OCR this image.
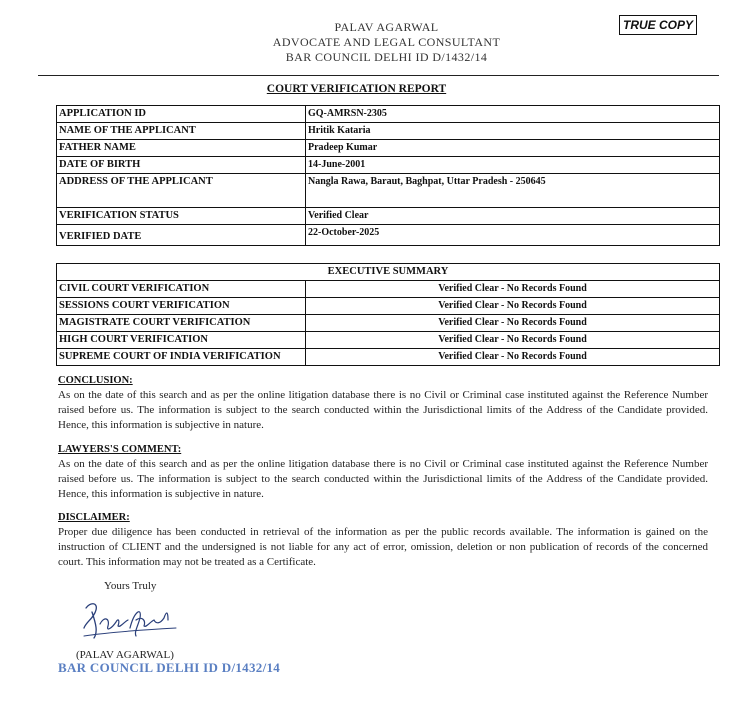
PALAV AGARWAL
ADVOCATE AND LEGAL CONSULTANT
BAR COUNCIL DELHI ID D/1432/14
TRUE COPY
COURT VERIFICATION REPORT
APPLICATION ID	GQ-AMRSN-2305
NAME OF THE APPLICANT	Hritik Kataria
FATHER NAME	Pradeep Kumar
DATE OF BIRTH	14-June-2001
ADDRESS OF THE APPLICANT	Nangla Rawa, Baraut, Baghpat, Uttar Pradesh - 250645
VERIFICATION STATUS	Verified Clear
VERIFIED DATE	22-October-2025
EXECUTIVE SUMMARY	
CIVIL COURT VERIFICATION	Verified Clear - No Records Found
SESSIONS COURT VERIFICATION	Verified Clear - No Records Found
MAGISTRATE COURT VERIFICATION	Verified Clear - No Records Found
HIGH COURT VERIFICATION	Verified Clear - No Records Found
SUPREME COURT OF INDIA VERIFICATION	Verified Clear - No Records Found
CONCLUSION:
As on the date of this search and as per the online litigation database there is no Civil or Criminal case instituted against the Reference Number raised before us. The information is subject to the search conducted within the Jurisdictional limits of the Address of the Candidate provided. Hence, this information is subjective in nature.
LAWYERS'S COMMENT:
As on the date of this search and as per the online litigation database there is no Civil or Criminal case instituted against the Reference Number raised before us. The information is subject to the search conducted within the Jurisdictional limits of the Address of the Candidate provided. Hence, this information is subjective in nature.
DISCLAIMER:
Proper due diligence has been conducted in retrieval of the information as per the public records available. The information is gained on the instruction of CLIENT and the undersigned is not liable for any act of error, omission, deletion or non publication of records of the concerned court. This information may not be treated as a Certificate.
Yours Truly
(PALAV AGARWAL)
BAR COUNCIL DELHI ID D/1432/14
